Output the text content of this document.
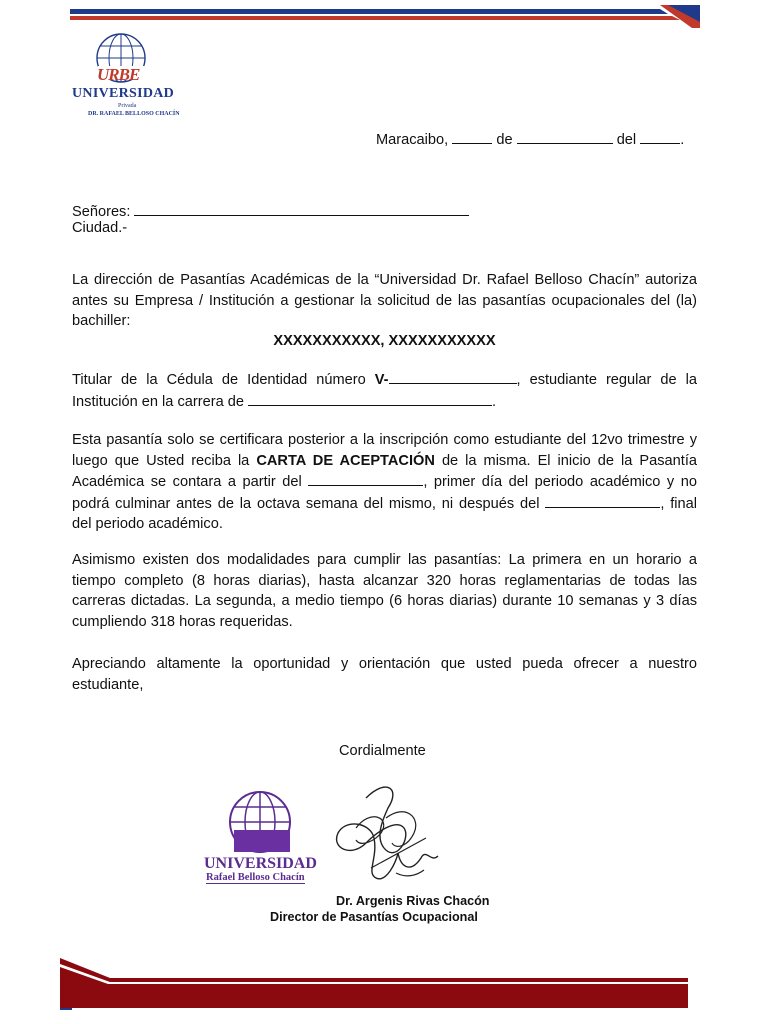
URBE
UNIVERSIDAD
Privada
DR. RAFAEL BELLOSO CHACÍN
Maracaibo,	de	del	.
Señores:
Ciudad.-
La dirección de Pasantías Académicas de la “Universidad Dr. Rafael Belloso Chacín” autoriza antes su Empresa / Institución a gestionar la solicitud de las pasantías ocupacionales del (la) bachiller:
XXXXXXXXXXX, XXXXXXXXXXX
Titular de la Cédula de Identidad número V-	, estudiante regular de la Institución en la carrera de	.
Esta pasantía solo se certificara posterior a la inscripción como estudiante del 12vo trimestre y luego que Usted reciba la CARTA DE ACEPTACIÓN de la misma. El inicio de la Pasantía Académica se contara a partir del	, primer día del periodo académico y no podrá culminar antes de la octava semana del mismo, ni después del	, final del periodo académico.
Asimismo existen dos modalidades para cumplir las pasantías: La primera en un horario a tiempo completo (8 horas diarias), hasta alcanzar 320 horas reglamentarias de todas las carreras dictadas. La segunda, a medio tiempo (6 horas diarias) durante 10 semanas y 3 días cumpliendo 318 horas requeridas.
Apreciando altamente la oportunidad y orientación que usted pueda ofrecer a nuestro estudiante,
Cordialmente
UNIVERSIDAD
Rafael Belloso Chacín
Dr. Argenis Rivas Chacón
Director de Pasantías Ocupacional
